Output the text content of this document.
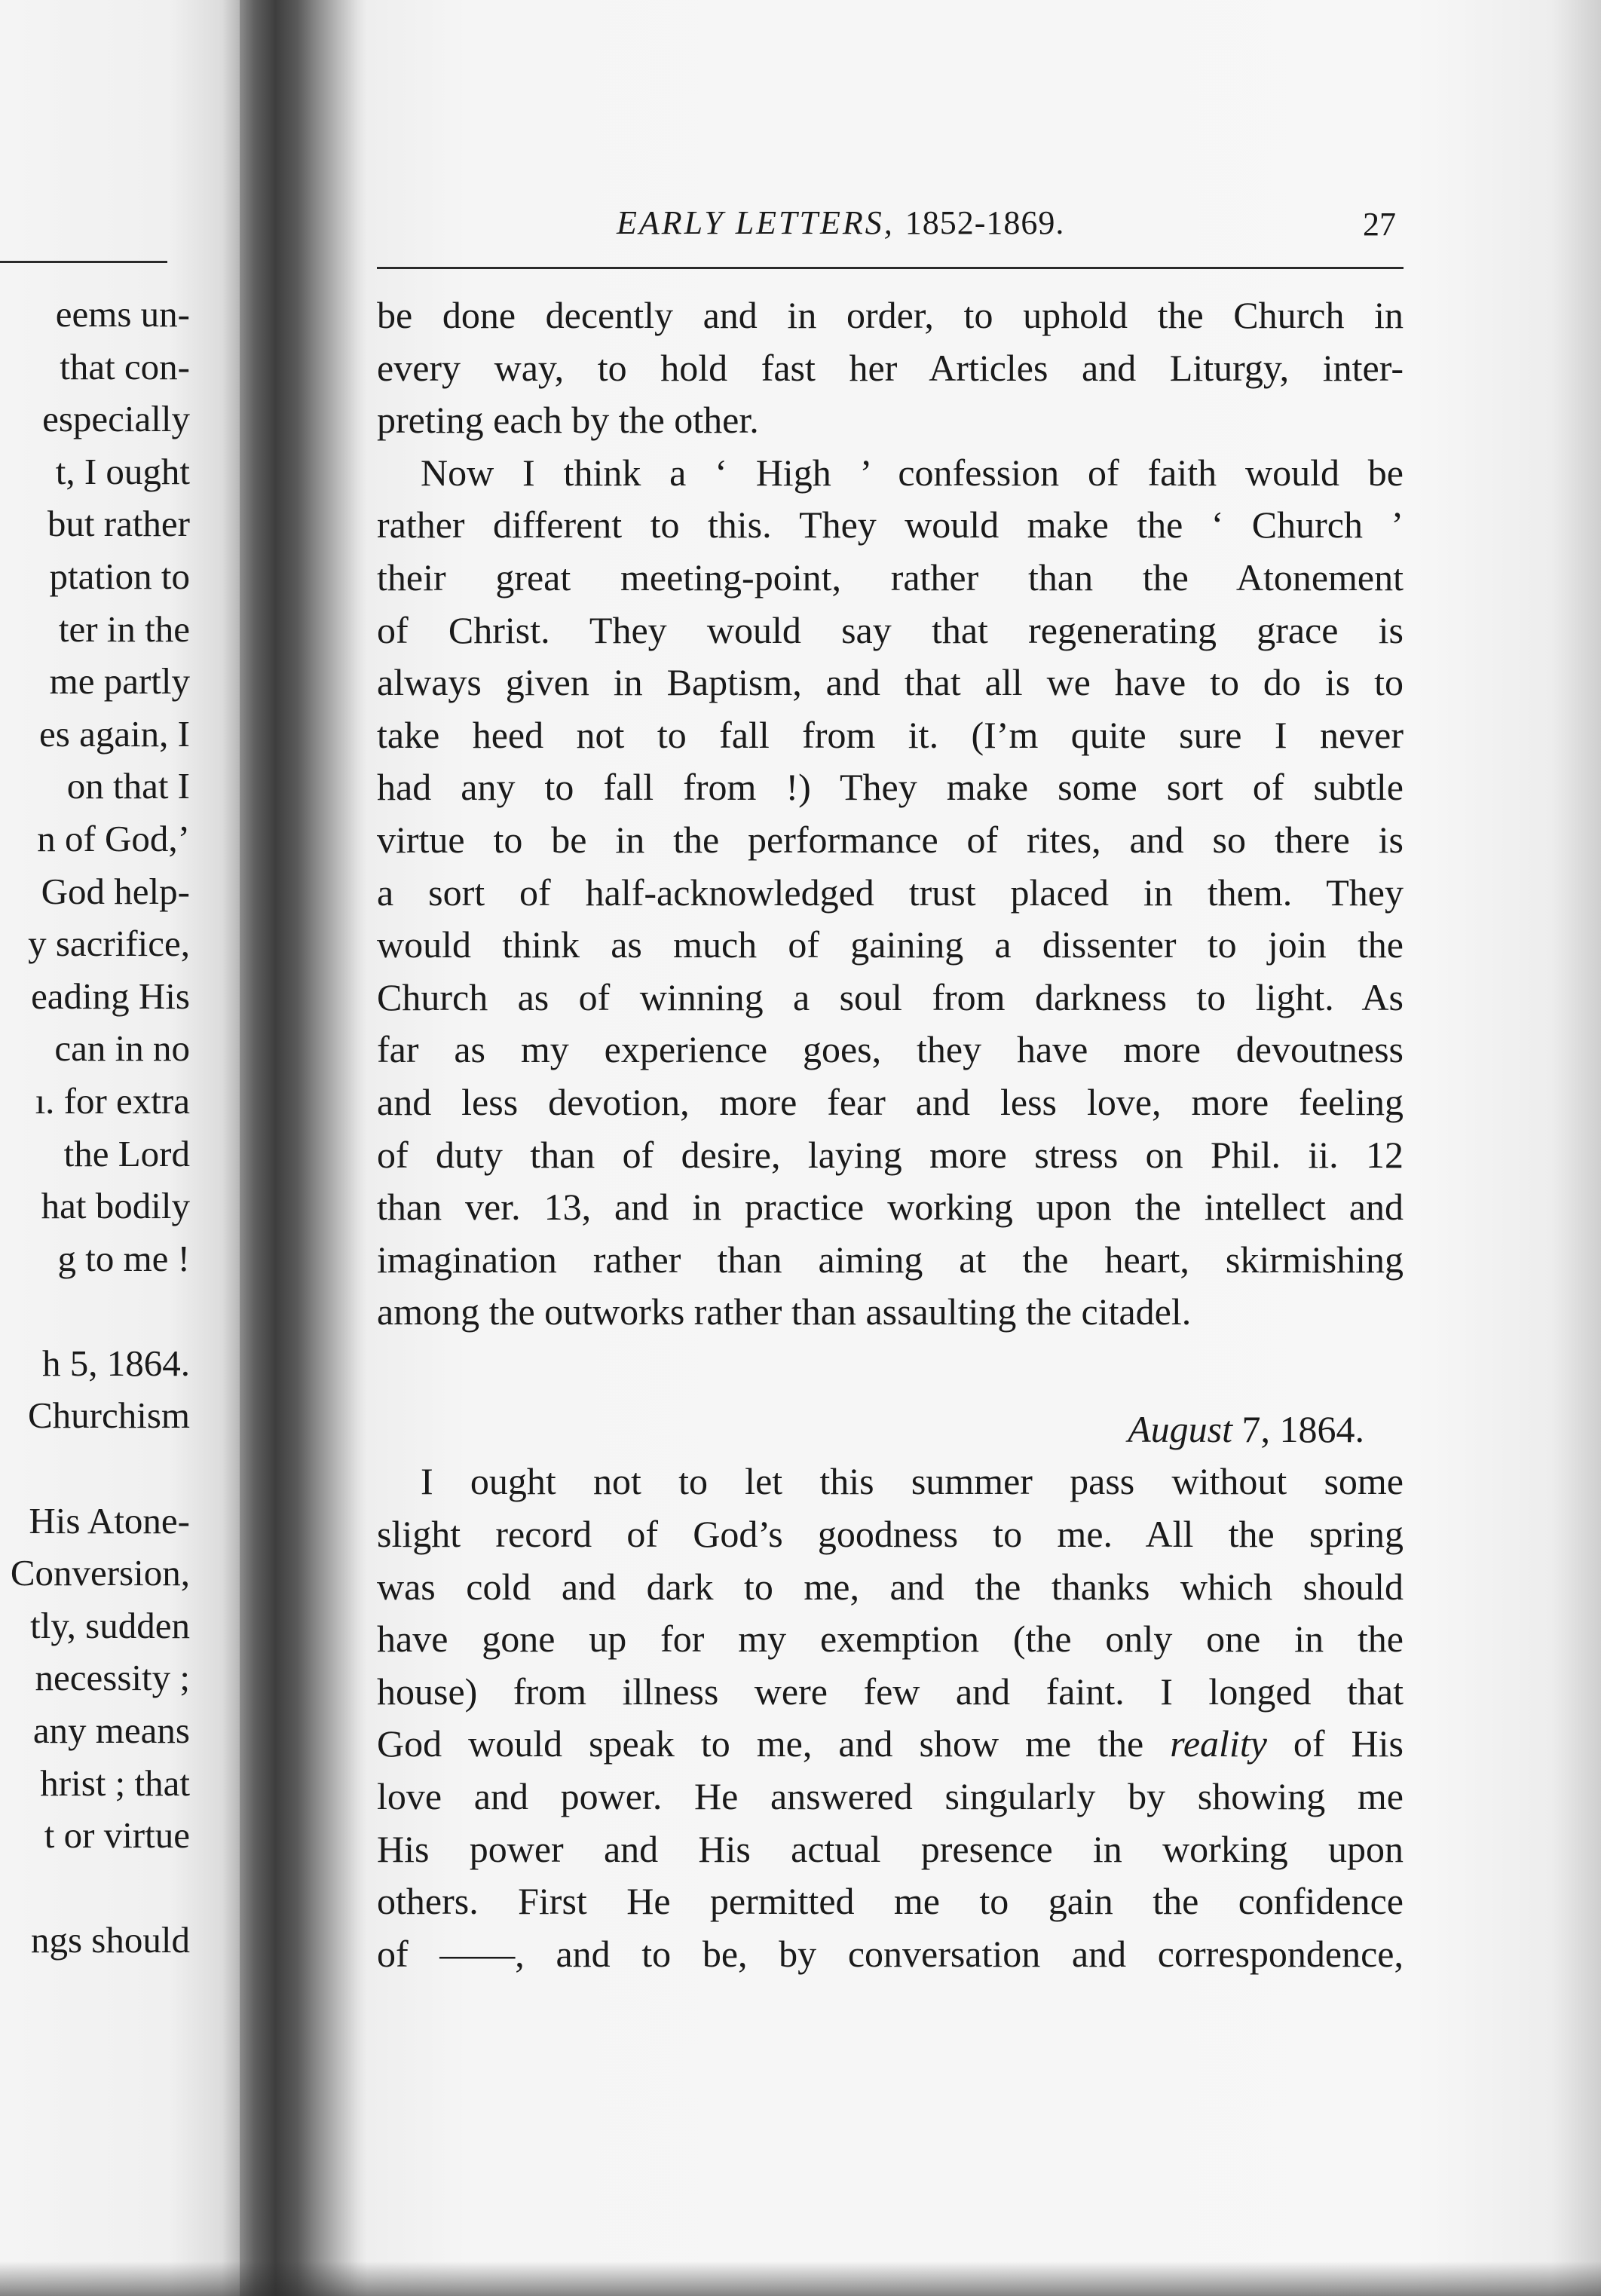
eems un-
that con-
especially
t, I ought
but rather
ptation to
ter in the
me partly
es again, I
on that I
n of God,’
God help-
y sacrifice,
eading His
can in no
ı. for extra
the Lord
hat bodily
g to me !
h 5, 1864.
Churchism
His Atone-
Conversion,
tly, sudden
necessity ;
any means
hrist ; that
t or virtue
ngs should
EARLY LETTERS, 1852-1869.	27
be done decently and in order, to uphold the Church in
every way, to hold fast her Articles and Liturgy, inter-
preting each by the other.
Now I think a ‘ High ’ confession of faith would be
rather different to this. They would make the ‘ Church ’
their great meeting-point, rather than the Atonement
of Christ. They would say that regenerating grace is
always given in Baptism, and that all we have to do is to
take heed not to fall from it. (I’m quite sure I never
had any to fall from !) They make some sort of subtle
virtue to be in the performance of rites, and so there is
a sort of half-acknowledged trust placed in them. They
would think as much of gaining a dissenter to join the
Church as of winning a soul from darkness to light. As
far as my experience goes, they have more devoutness
and less devotion, more fear and less love, more feeling
of duty than of desire, laying more stress on Phil. ii. 12
than ver. 13, and in practice working upon the intellect and
imagination rather than aiming at the heart, skirmishing
among the outworks rather than assaulting the citadel.
August 7, 1864.
I ought not to let this summer pass without some
slight record of God’s goodness to me. All the spring
was cold and dark to me, and the thanks which should
have gone up for my exemption (the only one in the
house) from illness were few and faint. I longed that
God would speak to me, and show me the reality of His
love and power. He answered singularly by showing me
His power and His actual presence in working upon
others. First He permitted me to gain the confidence
of ——, and to be, by conversation and correspondence,
